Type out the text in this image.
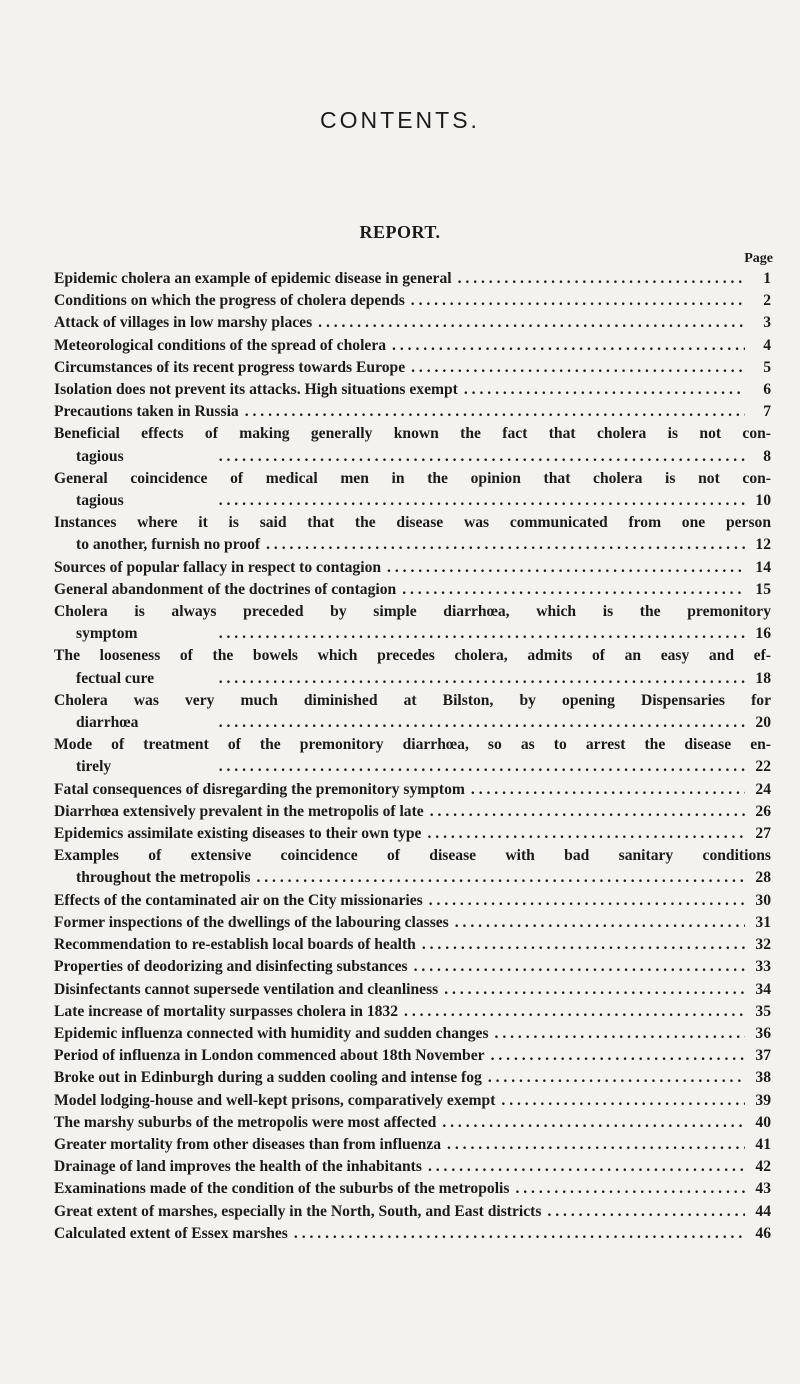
CONTENTS.
REPORT.
Page
Epidemic cholera an example of epidemic disease in general . . .	1
Conditions on which the progress of cholera depends . . .	2
Attack of villages in low marshy places . . .	3
Meteorological conditions of the spread of cholera . . .	4
Circumstances of its recent progress towards Europe . . .	5
Isolation does not prevent its attacks. High situations exempt . . .	6
Precautions taken in Russia . . .	7
Beneficial effects of making generally known the fact that cholera is not con-
tagious . . .	8
General coincidence of medical men in the opinion that cholera is not con-
tagious . . .	10
Instances where it is said that the disease was communicated from one person
to another, furnish no proof . . .	12
Sources of popular fallacy in respect to contagion . . .	14
General abandonment of the doctrines of contagion . . .	15
Cholera is always preceded by simple diarrhœa, which is the premonitory
symptom . . .	16
The looseness of the bowels which precedes cholera, admits of an easy and ef-
fectual cure . . .	18
Cholera was very much diminished at Bilston, by opening Dispensaries for
diarrhœa . . .	20
Mode of treatment of the premonitory diarrhœa, so as to arrest the disease en-
tirely . . .	22
Fatal consequences of disregarding the premonitory symptom . . .	24
Diarrhœa extensively prevalent in the metropolis of late . . .	26
Epidemics assimilate existing diseases to their own type . . .	27
Examples of extensive coincidence of disease with bad sanitary conditions
throughout the metropolis . . .	28
Effects of the contaminated air on the City missionaries . . .	30
Former inspections of the dwellings of the labouring classes . . .	31
Recommendation to re-establish local boards of health . . .	32
Properties of deodorizing and disinfecting substances . . .	33
Disinfectants cannot supersede ventilation and cleanliness . . .	34
Late increase of mortality surpasses cholera in 1832 . . .	35
Epidemic influenza connected with humidity and sudden changes . . .	36
Period of influenza in London commenced about 18th November . . .	37
Broke out in Edinburgh during a sudden cooling and intense fog . . .	38
Model lodging-house and well-kept prisons, comparatively exempt . . .	39
The marshy suburbs of the metropolis were most affected . . .	40
Greater mortality from other diseases than from influenza . . .	41
Drainage of land improves the health of the inhabitants . . .	42
Examinations made of the condition of the suburbs of the metropolis . . .	43
Great extent of marshes, especially in the North, South, and East districts . . .	44
Calculated extent of Essex marshes . . .	46
